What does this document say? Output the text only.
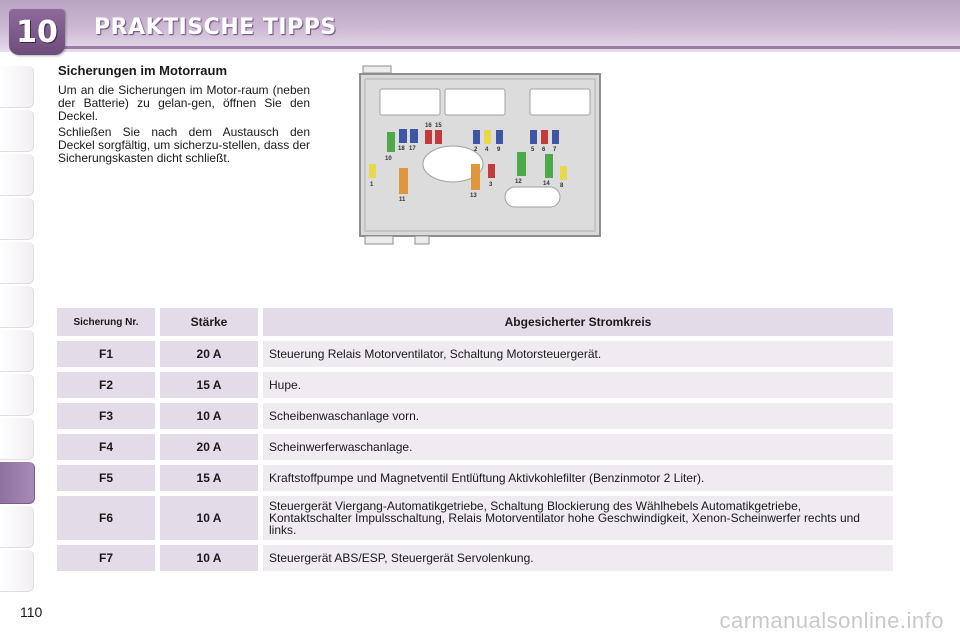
10	PRAKTISCHE TIPPS
Sicherungen im Motorraum

Um an die Sicherungen im Motor-raum (neben der Batterie) zu gelan-gen, öffnen Sie den Deckel.

Schließen Sie nach dem Austausch den Deckel sorgfältig, um sicherzu-stellen, dass der Sicherungskasten dicht schließt.	10
18 17
16 15
1
11
2 4 9
13
3	12
5 6 7
14 8
Sicherung Nr.	Stärke	Abgesicherter Stromkreis
F1	20 A	Steuerung Relais Motorventilator, Schaltung Motorsteuergerät.
F2	15 A	Hupe.
F3	10 A	Scheibenwaschanlage vorn.
F4	20 A	Scheinwerferwaschanlage.
F5	15 A	Kraftstoffpumpe und Magnetventil Entlüftung Aktivkohlefilter (Benzinmotor 2 Liter).
F6	10 A	Steuergerät Viergang-Automatikgetriebe, Schaltung Blockierung des Wählhebels Automatikgetriebe, Kontaktschalter Impulsschaltung, Relais Motorventilator hohe Geschwindigkeit, Xenon-Scheinwerfer rechts und links.
F7	10 A	Steuergerät ABS/ESP, Steuergerät Servolenkung.
110	carmanualsonline.info
